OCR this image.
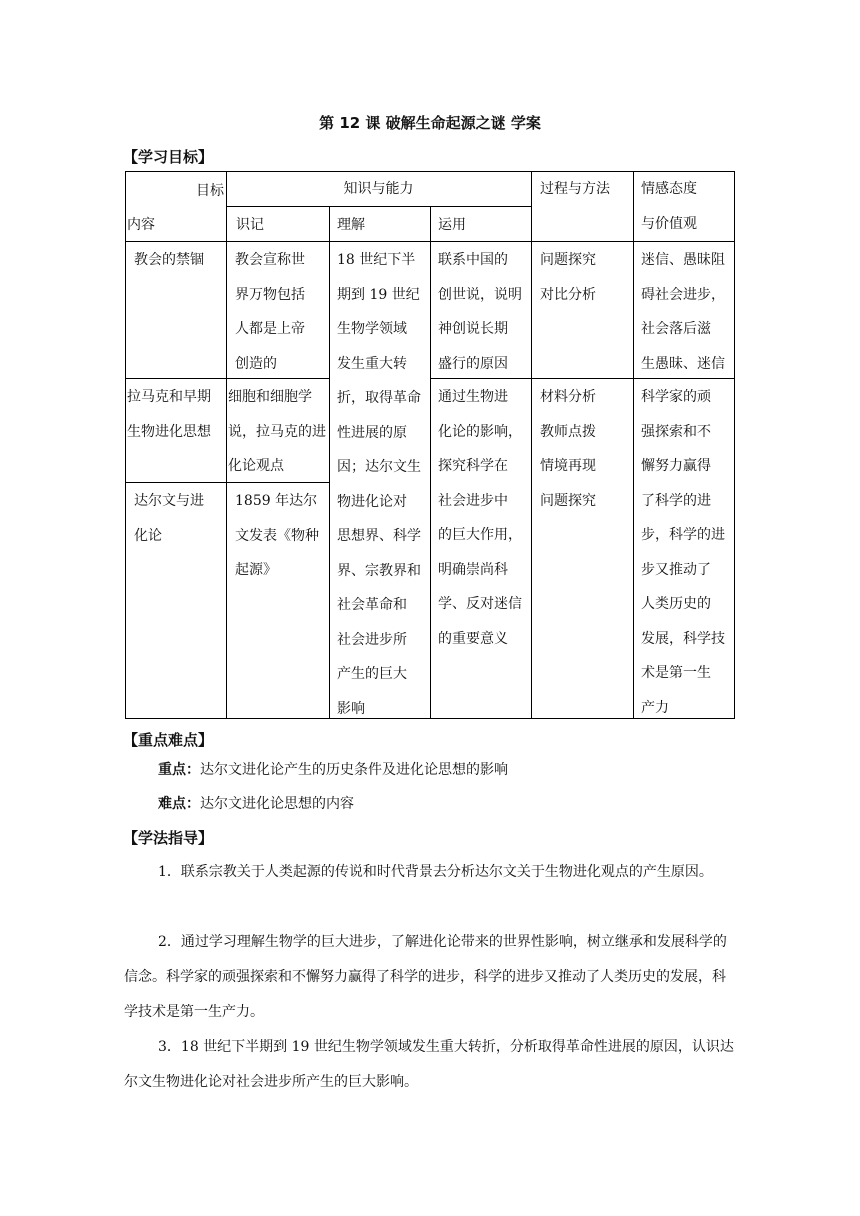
第 12 课 破解生命起源之谜 学案
【学习目标】
目标
内容
知识与能力
识记	理解	运用
过程与方法 情感态度
与价值观
教会的禁锢
拉马克和早期
生物进化思想
达尔文与进
化论
教会宣称世
界万物包括
人都是上帝
创造的
细胞和细胞学
说，拉马克的进
化论观点
1859 年达尔
文发表《物种
起源》
18 世纪下半
期到 19 世纪
生物学领域
发生重大转
折，取得革命
性进展的原
因；达尔文生
物进化论对
思想界、科学
界、宗教界和
社会革命和
社会进步所
产生的巨大
影响
联系中国的
创世说，说明
神创说长期
盛行的原因
通过生物进
化论的影响，
探究科学在
社会进步中
的巨大作用，
明确崇尚科
学、反对迷信
的重要意义
问题探究
对比分析
材料分析
教师点拨
情境再现
问题探究
迷信、愚昧阻
碍社会进步，
社会落后滋
生愚昧、迷信
科学家的顽
强探索和不
懈努力赢得
了科学的进
步，科学的进
步又推动了
人类历史的
发展，科学技
术是第一生
产力
【重点难点】
重点：达尔文进化论产生的历史条件及进化论思想的影响
难点：达尔文进化论思想的内容
【学法指导】
1．联系宗教关于人类起源的传说和时代背景去分析达尔文关于生物进化观点的产生原因。
2．通过学习理解生物学的巨大进步，了解进化论带来的世界性影响，树立继承和发展科学的信念。科学家的顽强探索和不懈努力赢得了科学的进步，科学的进步又推动了人类历史的发展，科学技术是第一生产力。
3．18 世纪下半期到 19 世纪生物学领域发生重大转折，分析取得革命性进展的原因，认识达尔文生物进化论对社会进步所产生的巨大影响。
